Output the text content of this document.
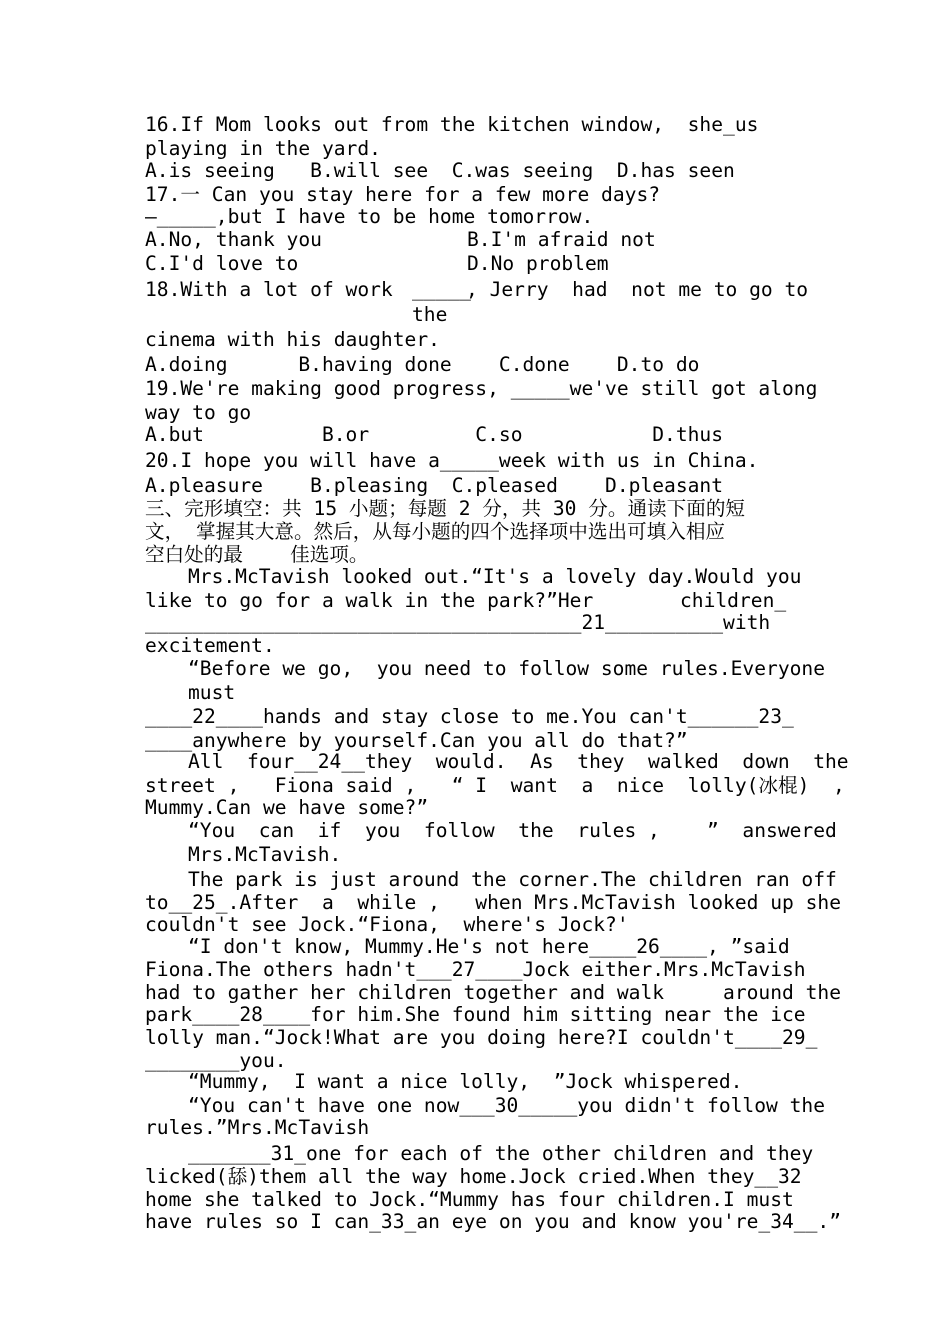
16.If Mom looks out from the kitchen window,  she_us
playing in the yard.
A.is seeing   B.will see  C.was seeing  D.has seen
17.一 Can you stay here for a few more days?
—_____,but I have to be home tomorrow.
A.No, thank you	B.I'm afraid not
C.I'd love to	D.No problem
18.With a lot of work _____
, Jerry  had  not me to go to
the
cinema with his daughter.
A.doing      B.having done    C.done    D.to do
19.We're making good progress, _____we've still got along
way to go
A.but          B.or         C.so           D.thus
20.I hope you will have a_____week with us in China.
A.pleasure    B.pleasing  C.pleased    D.pleasant
三、完形填空：共 15 小题；每题 2 分，共 30 分。通读下面的短
文， 掌握其大意。然后，从每小题的四个选择项中选出可填入相应
空白处的最    佳选项。
Mrs.McTavish looked out.“It's a lovely day.Would you
like to go for a walk in the park?”Her	children_
_____________________________________21__________with
excitement.
“Before we go,  you need to follow some rules.Everyone
must
____22____hands and stay close to me.You can't______23_
____anywhere by yourself.Can you all do that?”
All  four__24__they  would.  As  they  walked  down  the
street ,   Fiona said ,   “ I  want  a  nice  lolly(冰棍)  ,
Mummy.Can we have some?”
“You  can  if  you  follow  the  rules ,    ”  answered
Mrs.McTavish.
The park is just around the corner.The children ran off
to__25_.After  a  while ,   when Mrs.McTavish looked up she
couldn't see Jock.“Fiona,  where's Jock?'
“I don't know, Mummy.He's not here____26____, ”said
Fiona.The others hadn't___27____Jock either.Mrs.McTavish
had to gather her children together and walk     around the
park____28____for him.She found him sitting near the ice
lolly man.“Jock!What are you doing here?I couldn't____29_
________you.
“Mummy,  I want a nice lolly,  ”Jock whispered.
“You can't have one now___30_____you didn't follow the
rules.”Mrs.McTavish
_______31_one for each of the other children and they
licked(舔)them all the way home.Jock cried.When they__32
home she talked to Jock.“Mummy has four children.I must
have rules so I can_33_an eye on you and know you're_34__.”
